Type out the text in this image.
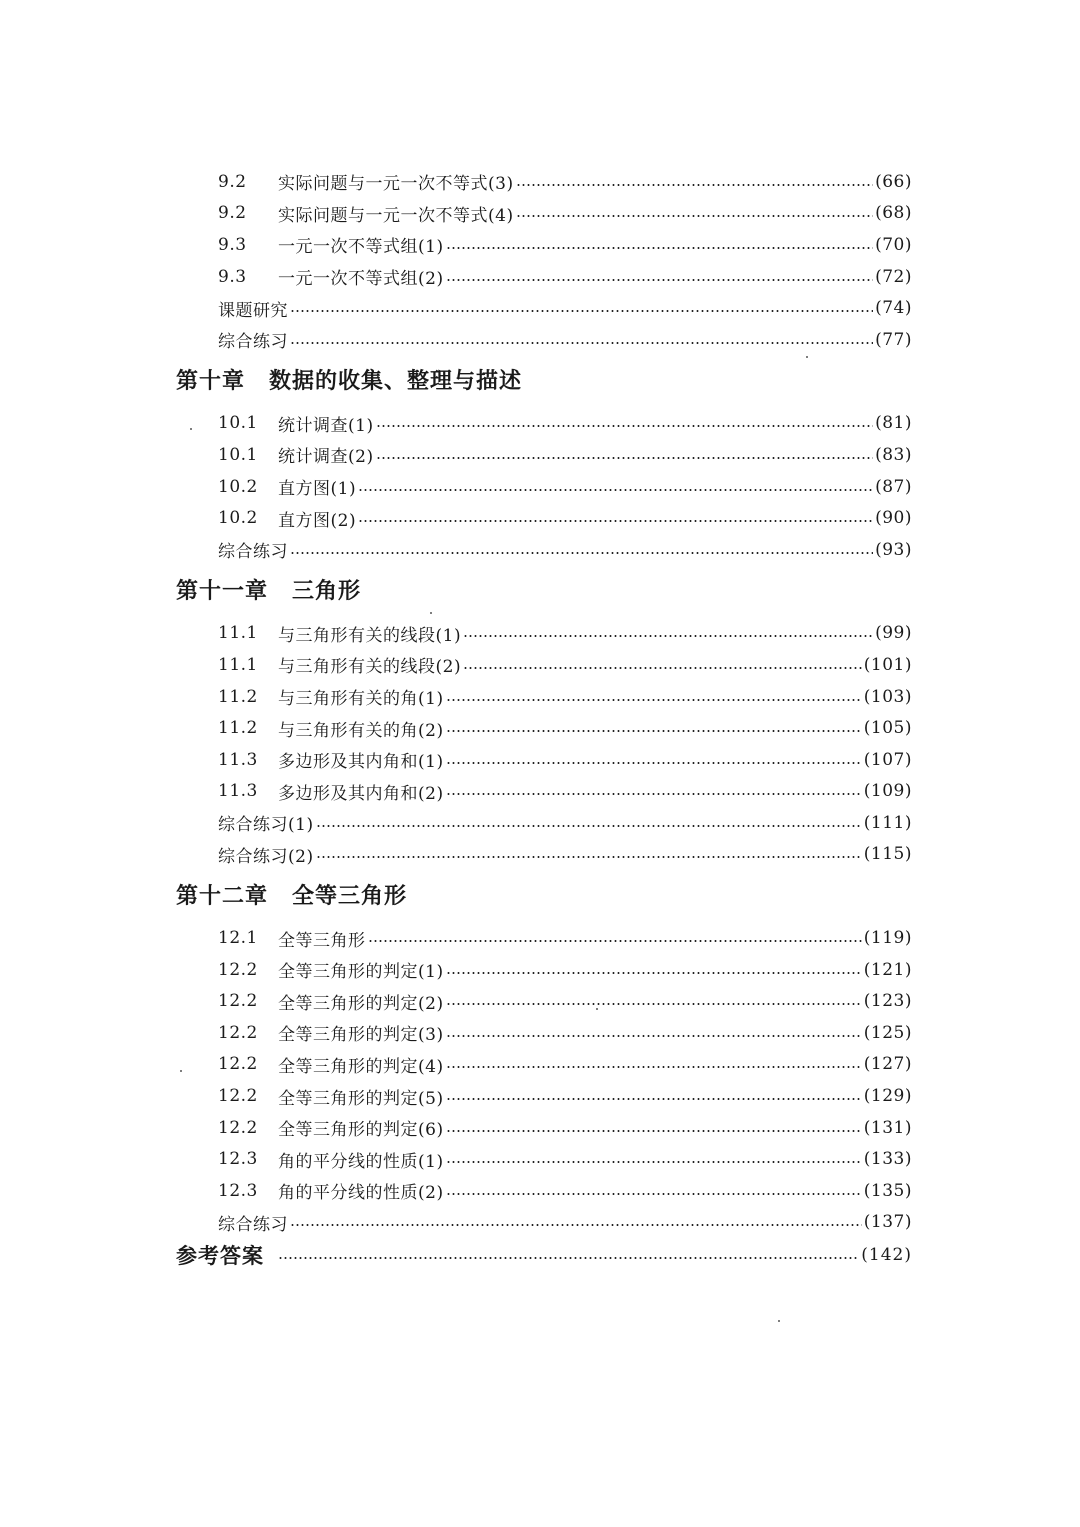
9.2	实际问题与一元一次不等式(3)	(66)
9.2	实际问题与一元一次不等式(4)	(68)
9.3	一元一次不等式组(1)	(70)
9.3	一元一次不等式组(2)	(72)
课题研究	(74)
综合练习	(77)
第十章 数据的收集、整理与描述
10.1	统计调查(1)	(81)
10.1	统计调查(2)	(83)
10.2	直方图(1)	(87)
10.2	直方图(2)	(90)
综合练习	(93)
第十一章 三角形
11.1	与三角形有关的线段(1)	(99)
11.1	与三角形有关的线段(2)	(101)
11.2	与三角形有关的角(1)	(103)
11.2	与三角形有关的角(2)	(105)
11.3	多边形及其内角和(1)	(107)
11.3	多边形及其内角和(2)	(109)
综合练习(1)	(111)
综合练习(2)	(115)
第十二章 全等三角形
12.1	全等三角形	(119)
12.2	全等三角形的判定(1)	(121)
12.2	全等三角形的判定(2)	(123)
12.2	全等三角形的判定(3)	(125)
12.2	全等三角形的判定(4)	(127)
12.2	全等三角形的判定(5)	(129)
12.2	全等三角形的判定(6)	(131)
12.3	角的平分线的性质(1)	(133)
12.3	角的平分线的性质(2)	(135)
综合练习	(137)
参考答案	(142)
